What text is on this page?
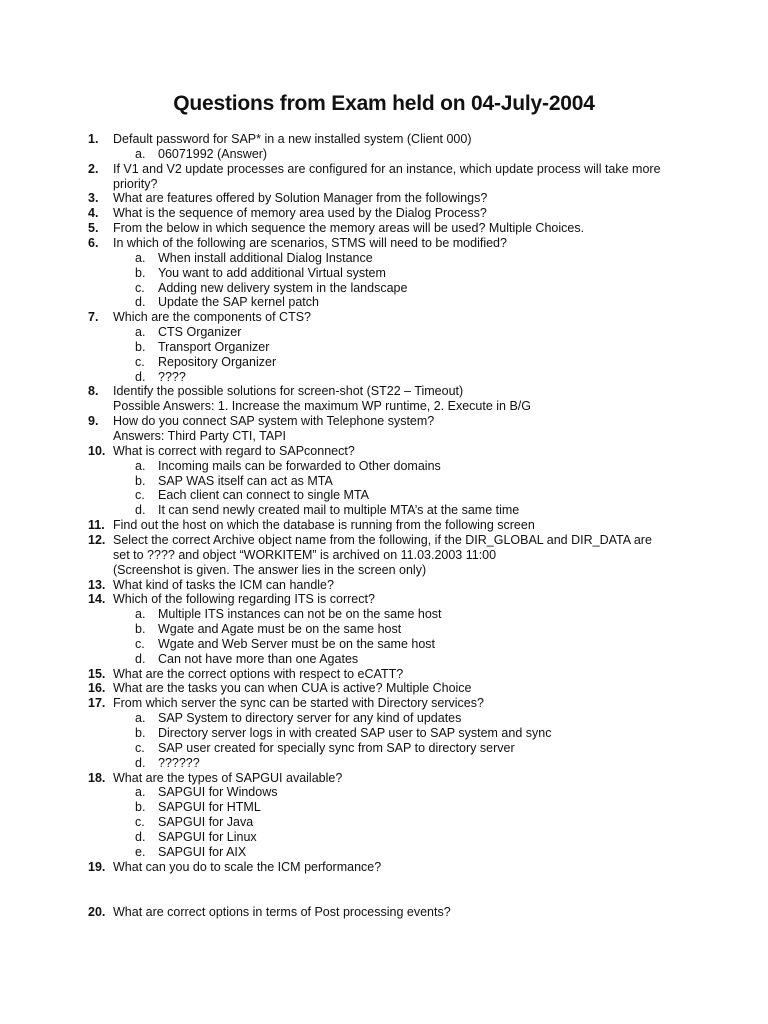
Questions from Exam held on 04-July-2004
1. Default password for SAP* in a new installed system (Client 000)
a. 06071992 (Answer)
2. If V1 and V2 update processes are configured for an instance, which update process will take more
priority?
3. What are features offered by Solution Manager from the followings?
4. What is the sequence of memory area used by the Dialog Process?
5. From the below in which sequence the memory areas will be used? Multiple Choices.
6. In which of the following are scenarios, STMS will need to be modified?
a. When install additional Dialog Instance
b. You want to add additional Virtual system
c. Adding new delivery system in the landscape
d. Update the SAP kernel patch
7. Which are the components of CTS?
a. CTS Organizer
b. Transport Organizer
c. Repository Organizer
d. ????
8. Identify the possible solutions for screen-shot (ST22 – Timeout)
Possible Answers: 1. Increase the maximum WP runtime, 2. Execute in B/G
9. How do you connect SAP system with Telephone system?
Answers: Third Party CTI, TAPI
10. What is correct with regard to SAPconnect?
a. Incoming mails can be forwarded to Other domains
b. SAP WAS itself can act as MTA
c. Each client can connect to single MTA
d. It can send newly created mail to multiple MTA’s at the same time
11. Find out the host on which the database is running from the following screen
12. Select the correct Archive object name from the following, if the DIR_GLOBAL and DIR_DATA are
set to ???? and object “WORKITEM” is archived on 11.03.2003 11:00
(Screenshot is given. The answer lies in the screen only)
13. What kind of tasks the ICM can handle?
14. Which of the following regarding ITS is correct?
a. Multiple ITS instances can not be on the same host
b. Wgate and Agate must be on the same host
c. Wgate and Web Server must be on the same host
d. Can not have more than one Agates
15. What are the correct options with respect to eCATT?
16. What are the tasks you can when CUA is active? Multiple Choice
17. From which server the sync can be started with Directory services?
a. SAP System to directory server for any kind of updates
b. Directory server logs in with created SAP user to SAP system and sync
c. SAP user created for specially sync from SAP to directory server
d. ??????
18. What are the types of SAPGUI available?
a. SAPGUI for Windows
b. SAPGUI for HTML
c. SAPGUI for Java
d. SAPGUI for Linux
e. SAPGUI for AIX
19. What can you do to scale the ICM performance?
20. What are correct options in terms of Post processing events?
